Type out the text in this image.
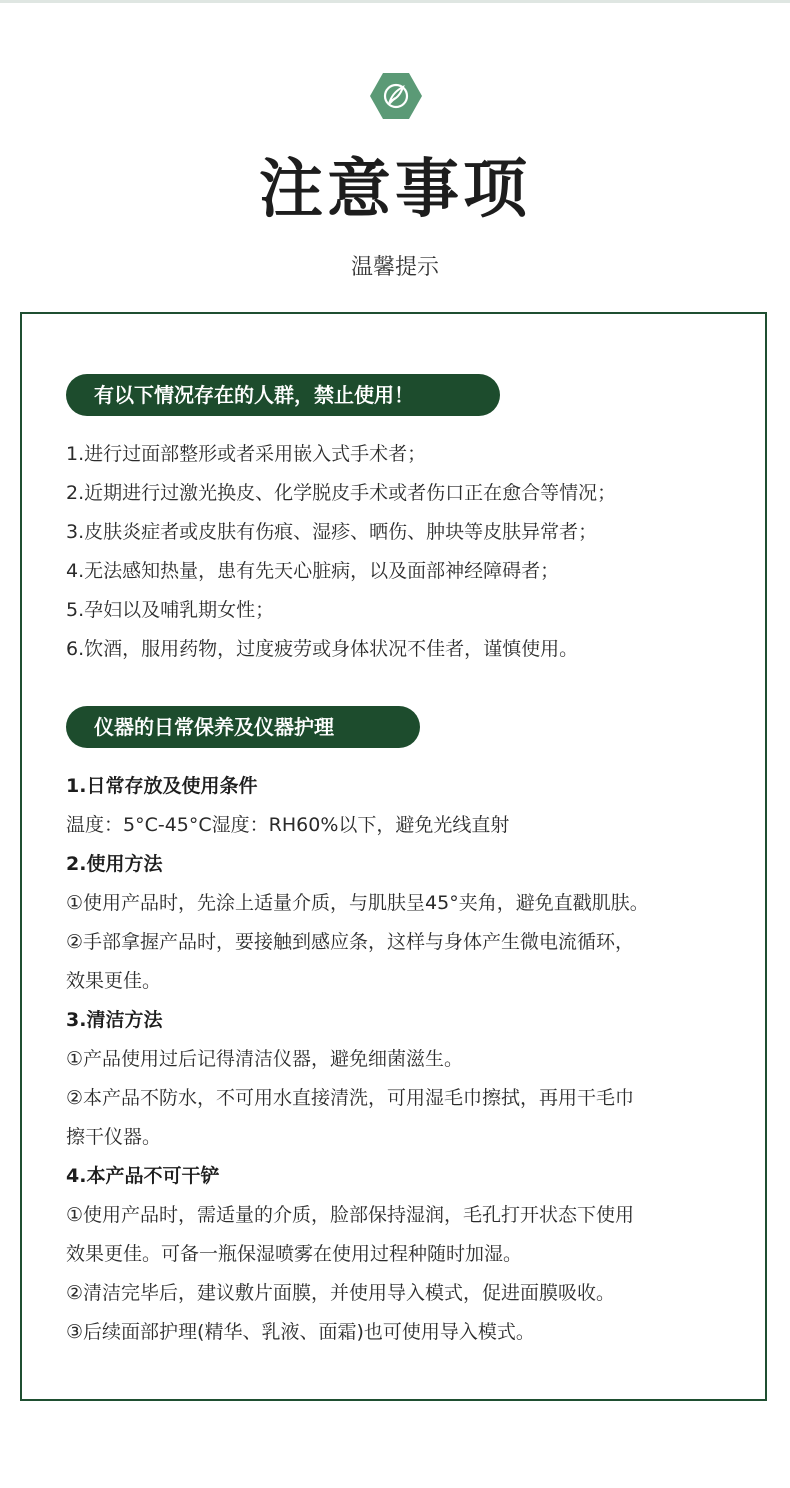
注意事项
温馨提示
有以下情况存在的人群，禁止使用！
1.进行过面部整形或者采用嵌入式手术者；
2.近期进行过激光换皮、化学脱皮手术或者伤口正在愈合等情况；
3.皮肤炎症者或皮肤有伤痕、湿疹、晒伤、肿块等皮肤异常者；
4.无法感知热量，患有先天心脏病，以及面部神经障碍者；
5.孕妇以及哺乳期女性；
6.饮酒，服用药物，过度疲劳或身体状况不佳者，谨慎使用。
仪器的日常保养及仪器护理
1.日常存放及使用条件
温度：5°C-45°C湿度：RH60%以下，避免光线直射
2.使用方法
①使用产品时，先涂上适量介质，与肌肤呈45°夹角，避免直戳肌肤。
②手部拿握产品时，要接触到感应条，这样与身体产生微电流循环，
效果更佳。
3.清洁方法
①产品使用过后记得清洁仪器，避免细菌滋生。
②本产品不防水，不可用水直接清洗，可用湿毛巾擦拭，再用干毛巾
擦干仪器。
4.本产品不可干铲
①使用产品时，需适量的介质，脸部保持湿润，毛孔打开状态下使用
效果更佳。可备一瓶保湿喷雾在使用过程种随时加湿。
②清洁完毕后，建议敷片面膜，并使用导入模式，促进面膜吸收。
③后续面部护理(精华、乳液、面霜)也可使用导入模式。
